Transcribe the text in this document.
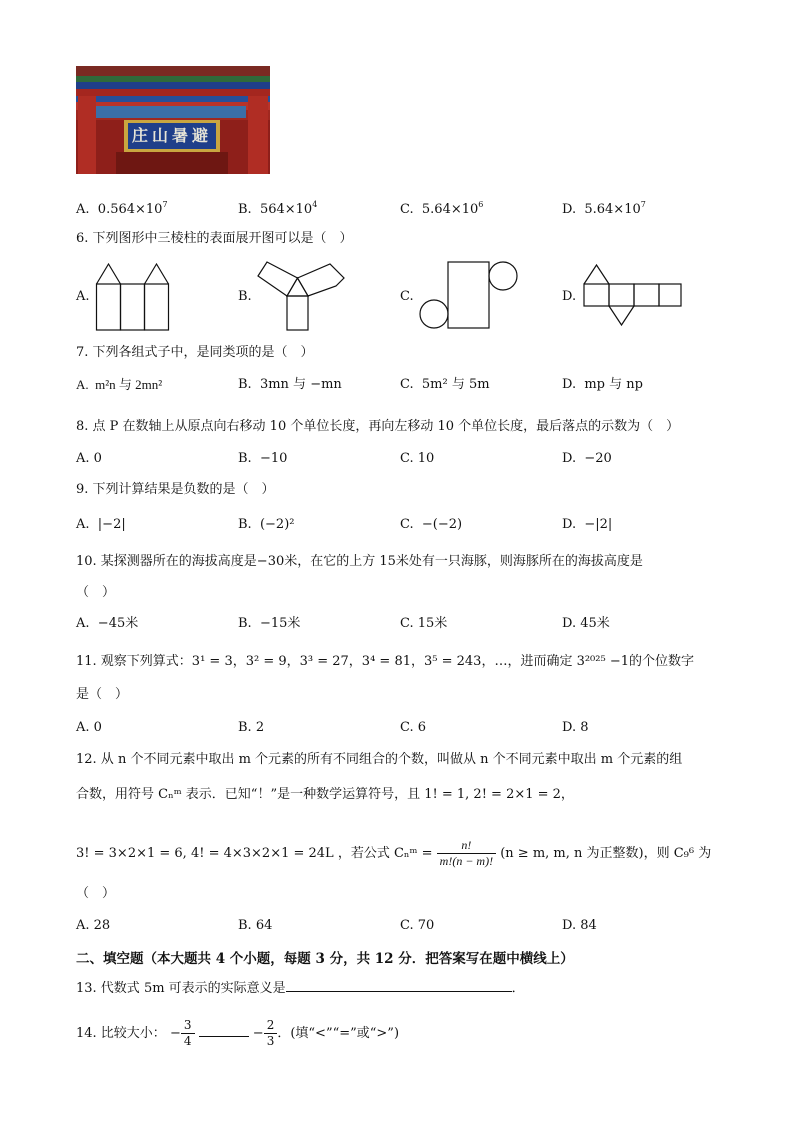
避暑山庄
A. $0.564\times 10^7$	B. $564\times 10^4$	C. $5.64\times 10^6$	D. $5.64\times 10^7$
6. 下列图形中三棱柱的表面展开图可以是（　）
A.	B.	C.	D.
7. 下列各组式子中，是同类项的是（　）
A. m²n 与 2mn²	B. 3mn 与 −mn	C. 5m² 与 5m	D. mp 与 np
8. 点 P 在数轴上从原点向右移动 10 个单位长度，再向左移动 10 个单位长度，最后落点的示数为（　）
A. 0	B. −10	C. 10	D. −20
9. 下列计算结果是负数的是（　）
A. |−2|	B. (−2)²	C. −(−2)	D. −|2|
10. 某探测器所在的海拔高度是−30米，在它的上方 15米处有一只海豚，则海豚所在的海拔高度是
（　）
A. −45米	B. −15米	C. 15米	D. 45米
11. 观察下列算式：3¹ = 3，3² = 9，3³ = 27，3⁴ = 81，3⁵ = 243，…，进而确定 3²⁰²⁵ −1的个位数字
是（　）
A. 0	B. 2	C. 6	D. 8
12. 从 n 个不同元素中取出 m 个元素的所有不同组合的个数，叫做从 n 个不同元素中取出 m 个元素的组
合数，用符号 Cₙᵐ 表示．已知“！”是一种数学运算符号，且 1! = 1, 2! = 2×1 = 2，
3! = 3×2×1 = 6, 4! = 4×3×2×1 = 24L ，若公式 Cₙᵐ = $\frac{n!}{m!(n - m)!} (n \ge m$, m, n 为正整数)，则 C₉⁶ 为
（　）
A. 28	B. 64	C. 70	D. 84
二、填空题（本大题共 4 个小题，每题 3 分，共 12 分．把答案写在题中横线上）
13. 代数式 5m 可表示的实际意义是	．
14. 比较大小： − $\frac{3}{4}$	− $\frac{2}{3}$ ．(填“<”“=”或“>”)
